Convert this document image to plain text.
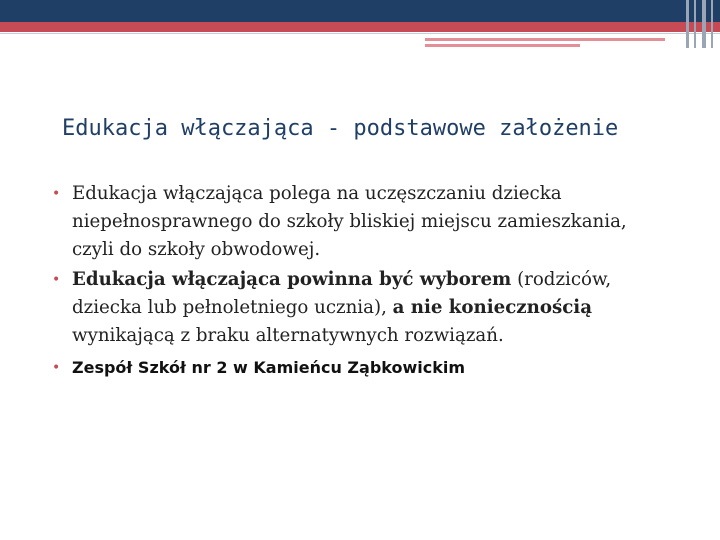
Edukacja włączająca - podstawowe założenie
• Edukacja włączająca polega na uczęszczaniu dziecka niepełnosprawnego do szkoły bliskiej miejscu zamieszkania, czyli do szkoły obwodowej.
• Edukacja włączająca powinna być wyborem (rodziców, dziecka lub pełnoletniego ucznia), a nie koniecznością wynikającą z braku alternatywnych rozwiązań.
• Zespół Szkół nr 2 w Kamieńcu Ząbkowickim
